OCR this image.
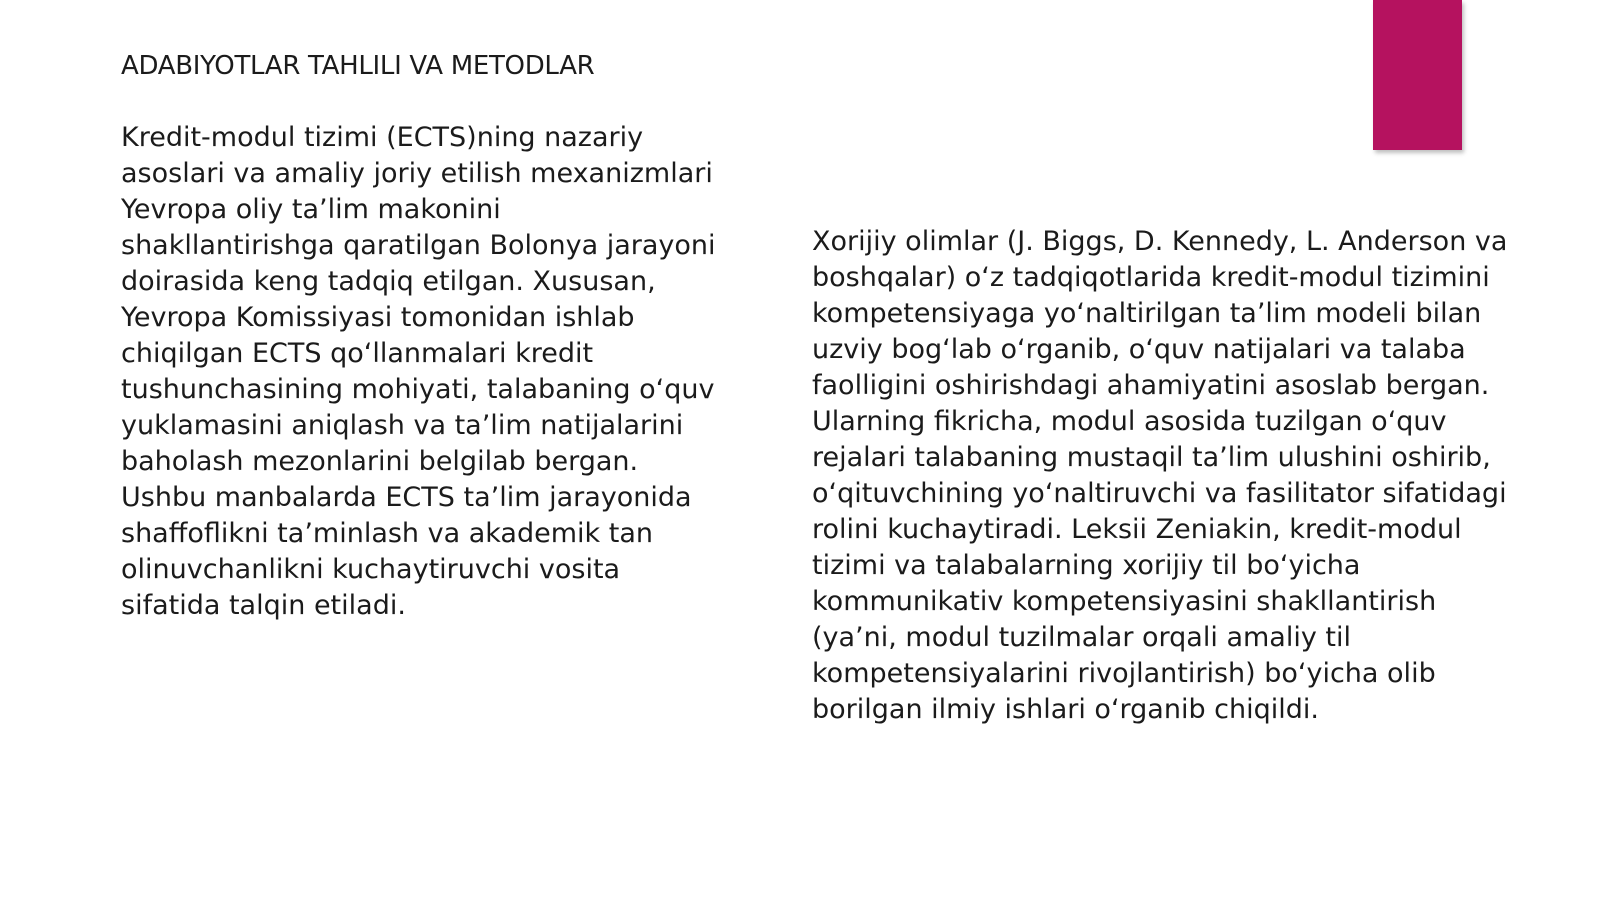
ADABIYOTLAR TAHLILI VA METODLAR
Kredit-modul tizimi (ECTS)ning nazariy
asoslari va amaliy joriy etilish mexanizmlari
Yevropa oliy ta’lim makonini
shakllantirishga qaratilgan Bolonya jarayoni
doirasida keng tadqiq etilgan. Xususan,
Yevropa Komissiyasi tomonidan ishlab
chiqilgan ECTS qo‘llanmalari kredit
tushunchasining mohiyati, talabaning o‘quv
yuklamasini aniqlash va ta’lim natijalarini
baholash mezonlarini belgilab bergan.
Ushbu manbalarda ECTS ta’lim jarayonida
shaffoflikni ta’minlash va akademik tan
olinuvchanlikni kuchaytiruvchi vosita
sifatida talqin etiladi.
Xorijiy olimlar (J. Biggs, D. Kennedy, L. Anderson va
boshqalar) o‘z tadqiqotlarida kredit-modul tizimini
kompetensiyaga yo‘naltirilgan ta’lim modeli bilan
uzviy bog‘lab o‘rganib, o‘quv natijalari va talaba
faolligini oshirishdagi ahamiyatini asoslab bergan.
Ularning fikricha, modul asosida tuzilgan o‘quv
rejalari talabaning mustaqil ta’lim ulushini oshirib,
o‘qituvchining yo‘naltiruvchi va fasilitator sifatidagi
rolini kuchaytiradi. Leksii Zeniakin, kredit-modul
tizimi va talabalarning xorijiy til bo‘yicha
kommunikativ kompetensiyasini shakllantirish
(ya’ni, modul tuzilmalar orqali amaliy til
kompetensiyalarini rivojlantirish) bo‘yicha olib
borilgan ilmiy ishlari o‘rganib chiqildi.
